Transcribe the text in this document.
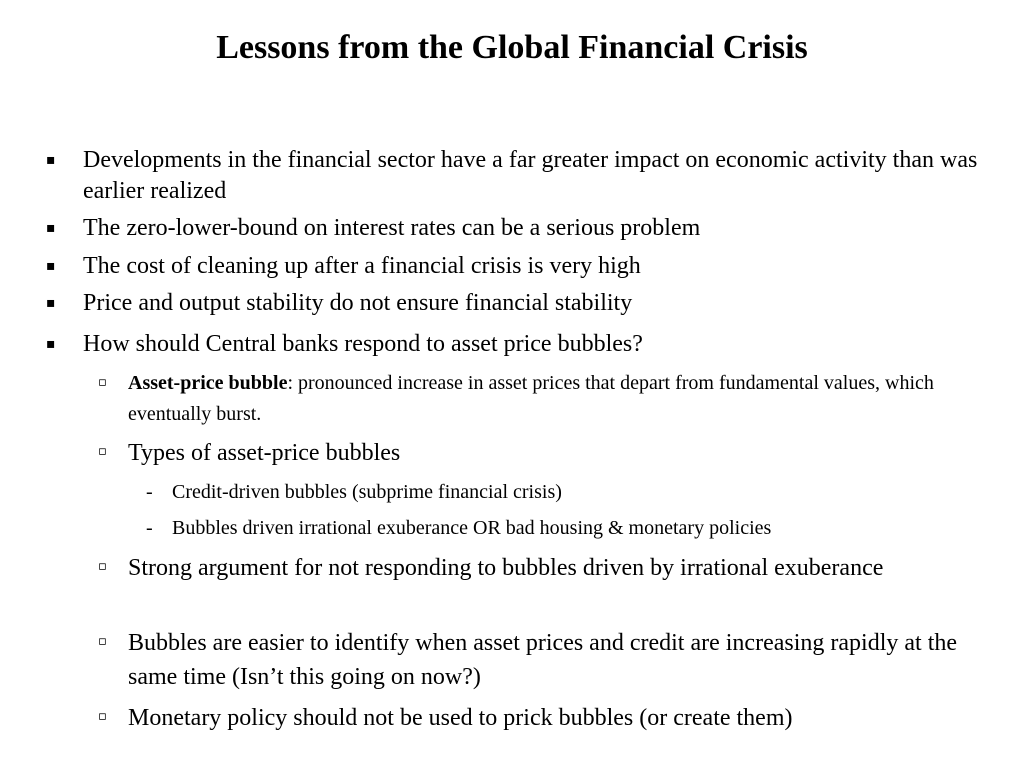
Lessons from the Global Financial Crisis
▪ Developments in the financial sector have a far greater impact on economic activity than was earlier realized
▪ The zero-lower-bound on interest rates can be a serious problem
▪ The cost of cleaning up after a financial crisis is very high
▪ Price and output stability do not ensure financial stability
▪ How should Central banks respond to asset price bubbles?
▫ Asset-price bubble: pronounced increase in asset prices that depart from fundamental values, which eventually burst.
▫ Types of asset-price bubbles
- Credit-driven bubbles (subprime financial crisis)
- Bubbles driven irrational exuberance OR bad housing & monetary policies
▫ Strong argument for not responding to bubbles driven by irrational exuberance
▫ Bubbles are easier to identify when asset prices and credit are increasing rapidly at the same time (Isn’t this going on now?)
▫ Monetary policy should not be used to prick bubbles (or create them)
